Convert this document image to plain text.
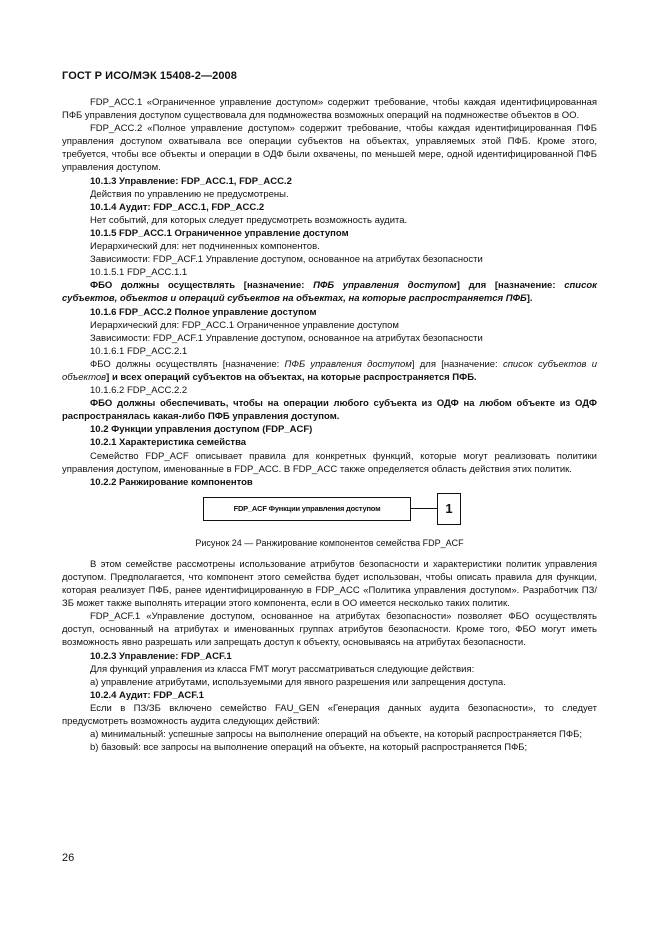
ГОСТ Р ИСО/МЭК 15408-2—2008

FDP_ACC.1 «Ограниченное управление доступом» содержит требование, чтобы каждая идентифицированная ПФБ управления доступом существовала для подмножества возможных операций на подмножестве объектов в ОО.

FDP_ACC.2 «Полное управление доступом» содержит требование, чтобы каждая идентифицированная ПФБ управления доступом охватывала все операции субъектов на объектах, управляемых этой ПФБ. Кроме этого, требуется, чтобы все объекты и операции в ОДФ были охвачены, по меньшей мере, одной идентифицированной ПФБ управления доступом.

10.1.3 Управление: FDP_ACC.1, FDP_ACC.2

Действия по управлению не предусмотрены.

10.1.4 Аудит: FDP_ACC.1, FDP_ACC.2

Нет событий, для которых следует предусмотреть возможность аудита.

10.1.5 FDP_ACC.1 Ограниченное управление доступом

Иерархический для: нет подчиненных компонентов.

Зависимости: FDP_ACF.1 Управление доступом, основанное на атрибутах безопасности

10.1.5.1 FDP_ACC.1.1

ФБО должны осуществлять [назначение: ПФБ управления доступом] для [назначение: список субъектов, объектов и операций субъектов на объектах, на которые распространяется ПФБ].

10.1.6 FDP_ACC.2 Полное управление доступом

Иерархический для: FDP_ACC.1 Ограниченное управление доступом

Зависимости: FDP_ACF.1 Управление доступом, основанное на атрибутах безопасности

10.1.6.1 FDP_ACC.2.1

ФБО должны осуществлять [назначение: ПФБ управления доступом] для [назначение: список субъектов и объектов] и всех операций субъектов на объектах, на которые распространяется ПФБ.

10.1.6.2 FDP_ACC.2.2

ФБО должны обеспечивать, чтобы на операции любого субъекта из ОДФ на любом объекте из ОДФ распространялась какая-либо ПФБ управления доступом.

10.2 Функции управления доступом (FDP_ACF)

10.2.1 Характеристика семейства

Семейство FDP_ACF описывает правила для конкретных функций, которые могут реализовать политики управления доступом, именованные в FDP_ACC. В FDP_ACC также определяется область действия этих политик.

10.2.2 Ранжирование компонентов

FDP_ACF Функции управления доступом	1

Рисунок 24 — Ранжирование компонентов семейства FDP_ACF

В этом семействе рассмотрены использование атрибутов безопасности и характеристики политик управления доступом. Предполагается, что компонент этого семейства будет использован, чтобы описать правила для функции, которая реализует ПФБ, ранее идентифицированную в FDP_ACC «Политика управления доступом». Разработчик ПЗ/ЗБ может также выполнять итерации этого компонента, если в ОО имеется несколько таких политик.

FDP_ACF.1 «Управление доступом, основанное на атрибутах безопасности» позволяет ФБО осуществлять доступ, основанный на атрибутах и именованных группах атрибутов безопасности. Кроме того, ФБО могут иметь возможность явно разрешать или запрещать доступ к объекту, основываясь на атрибутах безопасности.

10.2.3 Управление: FDP_ACF.1

Для функций управления из класса FMT могут рассматриваться следующие действия:

a) управление атрибутами, используемыми для явного разрешения или запрещения доступа.

10.2.4 Аудит: FDP_ACF.1

Если в ПЗ/ЗБ включено семейство FAU_GEN «Генерация данных аудита безопасности», то следует предусмотреть возможность аудита следующих действий:

a) минимальный: успешные запросы на выполнение операций на объекте, на который распространяется ПФБ;

b) базовый: все запросы на выполнение операций на объекте, на который распространяется ПФБ;

26
